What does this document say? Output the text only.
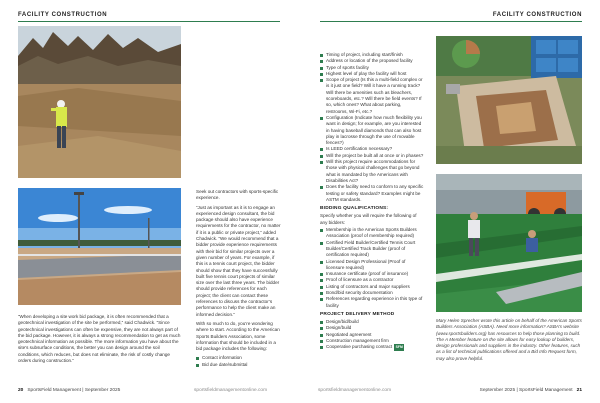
FACILITY CONSTRUCTION	FACILITY CONSTRUCTION

“When developing a site work bid package, it is often recommended that a geotechnical investigation of the site be performed,” said Chadwick. “Since geotechnical investigations can often be expensive, they are not always part of the bid package. However, it is always a strong recommendation to get as much geotechnical information as possible. The more information you have about the site’s subsurface conditions, the better you can design around the soil conditions, which reduces, but does not eliminate, the risk of costly change orders during construction.”

Seek out contractors with sports-specific experience.

“Just as important as it is to engage an experienced design consultant, the bid package should also have experience requirements for the contractor, no matter if it is a public or private project,” added Chadwick. “We would recommend that a bidder provide experience requirements with their bid for similar projects over a given number of years. For example, if this is a tennis court project, the bidder should show that they have successfully built five tennis court projects of similar size over the last three years. The bidder should provide references for each project; the client can contact these references to discuss the contractor’s performance to help the client make an informed decision.”

With so much to do, you’re wondering where to start. According to the American Sports Builders Association, some information that should be included in a bid package includes the following:

Contact information
Bid due date/submittal
Timing of project, including start/finish
Address or location of the proposed facility
Type of sports facility
Highest level of play the facility will host
Scope of project (Is this a multi-field complex or is it just one field? Will it have a running track? Will there be amenities such as bleachers, scoreboards, etc.? Will there be field events? If so, which ones? What about parking, restrooms, Wi-Fi, etc.?
Configuration (Indicate how much flexibility you want in design; for example, are you interested in having baseball diamonds that can also host play in lacrosse through the use of movable fences?)
Is LEED certification necessary?
Will the project be built all at once or in phases?
Will this project require accommodations for those with physical challenges that go beyond what is mandated by the Americans with Disabilities Act?
Does the facility need to conform to any specific testing or safety standard? Examples might be ASTM standards.
BIDDING QUALIFICATIONS:

Specify whether you will require the following of any bidders:

Membership in the American Sports Builders Association (proof of membership required)
Certified Field Builder/Certified Tennis Court Builder/Certified Track Builder (proof of certification required)
Licensed Design Professional (Proof of licensure required)
Insurance certificate (proof of insurance)
Proof of licensure as a contractor
Listing of contractors and major suppliers
Bond/bid security documentation
References regarding experience in this type of facility
PROJECT DELIVERY METHOD
Design/bid/build
Design/build
Negotiated agreement
Construction management firm
Cooperative purchasing contract SFM
Mary Helen Sprecher wrote this article on behalf of the American Sports Builders Association (ASBA). Need more information? ASBA’s website (www.sportsbuilders.org) has resources to help those planning to build. The A Member feature on the site allows for easy lookup of builders, design professionals and suppliers in the industry. Other features, such as a list of technical publications offered and a Bid Info Request form, may also prove helpful.
20 SportsField Management | September 2025	sportsfieldmanagementonline.com	sportsfieldmanagementonline.com	September 2025 | SportsField Management 21
